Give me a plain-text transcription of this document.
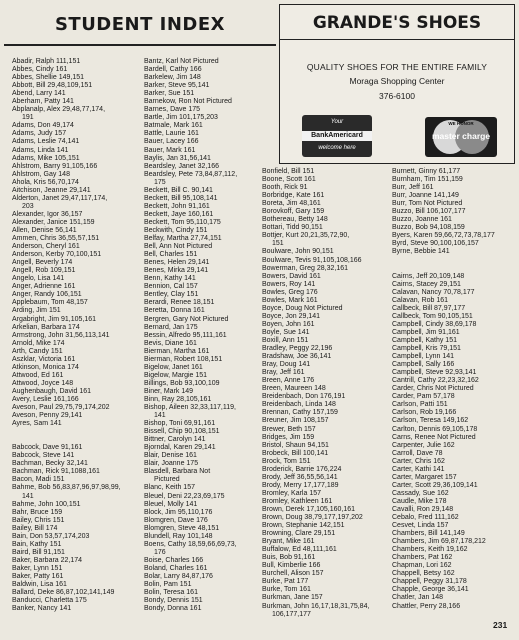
STUDENT INDEX	GRANDE'S SHOES
QUALITY SHOES FOR THE ENTIRE FAMILY
Moraga Shopping Center
376-6100
Your
BankAmericard
welcome here
WE HONOR
master charge
Abadir, Ralph 111,151
Abbes, Cindy 161
Abbes, Shellie 149,151
Abbott, Bill 29,48,109,151
Abend, Larry 141
Aberham, Patty 141
Abplanalp, Alex 29,48,77,174,
191
Adams, Don 49,174
Adams, Judy 157
Adams, Leslie 74,141
Adams, Linda 141
Adams, Mike 105,151
Ahlstrom, Barry 91,105,166
Ahlstrom, Gay 148
Ahola, Kris 56,70,174
Aitchison, Jeanne 29,141
Alderton, Janet 29,47,117,174,
203
Alexander, Igor 36,157
Alexander, Janice 151,159
Allen, Denise 56,141
Ammen, Chris 36,55,57,151
Anderson, Cheryl 161
Anderson, Kerby 70,100,151
Angell, Beverly 174
Angell, Rob 109,151
Angelo, Lisa 141
Anger, Adrienne 161
Anger, Randy 106,151
Applebaum, Tom 48,157
Arding, Jim 151
Argabright, Jim 91,105,161
Arkelian, Barbara 174
Armstrong, John 31,56,113,141
Arnold, Mike 174
Arth, Candy 151
Aszklar, Victoria 161
Atkinson, Monica 174
Attwood, Ed 161
Attwood, Joyce 148
Aughenbaugh, David 161
Avery, Leslie 161,166
Aveson, Paul 29,75,79,174,202
Aveson, Penny 29,141
Ayres, Sam 141
Babcock, Dave 91,161
Babcock, Steve 141
Bachman, Becky 32,141
Bachman, Rick 91,1088,161
Bacon, Madi 151
Bahme, Bob 56,83,87,96,97,98,99,
141
Bahme, John 100,151
Bahr, Bruce 159
Bailey, Chris 151
Bailey, Bill 174
Bain, Don 53,57,174,203
Bain, Kathy 151
Baird, Bill 91,151
Baker, Barbara 22,174
Baker, Lynn 151
Baker, Patty 161
Baldwin, Lisa 161
Ballard, Deke 86,87,102,141,149
Banducci, Charletta 175
Banker, Nancy 141
Bantz, Karl Not Pictured
Bardell, Cathy 166
Barkelew, Jim 148
Barker, Steve 95,141
Barker, Sue 151
Barnekow, Ron Not Pictured
Barnes, Dave 175
Bartle, Jim 101,175,203
Batmale, Mark 161
Battle, Laurie 161
Bauer, Lacey 166
Bauer, Mark 161
Baylis, Jan 31,56,141
Beardsley, Janet 32,166
Beardsley, Pete 73,84,87,112,
175
Beckett, Bill C. 90,141
Beckett, Bill 95,108,141
Beckett, John 91,161
Beckett, Jaye 160,161
Beckett, Tom 95,110,175
Beckwith, Cindy 151
Belfay, Martha 27,74,151
Bell, Ann Not Pictured
Bell, Charles 151
Benes, Helen 29,141
Benes, Mirka 29,141
Benn, Kathy 141
Bennion, Cal 157
Bentley, Clay 151
Berardi, Renee 18,151
Beretta, Donna 161
Bergren, Gary Not Pictured
Bernard, Jan 175
Bessin, Alfredo 95,111,161
Bevis, Diane 161
Bierman, Martha 161
Bierman, Robert 108,151
Bigelow, Janet 161
Bigelow, Margie 151
Billings, Bob 93,100,109
Biner, Mark 149
Binn, Ray 28,105,161
Bishop, Aileen 32,33,117,119,
141
Bishop, Toni 69,91,161
Bissell, Chip 90,108,151
Bittner, Carolyn 141
Bjorndal, Karen 29,141
Blair, Denise 161
Blair, Joanne 175
Blasdell, Barbara Not
Pictured
Blanc, Keith 157
Bleuel, Deni 22,23,69,175
Bleuel, Molly 141
Block, Jim 95,110,176
Blomgren, Dave 176
Blomgren, Steve 48,151
Blundell, Ray 101,148
Boens, Cathy 18,59,66,69,73,
176
Boise, Charles 166
Boland, Charles 161
Bolar, Larry 84,87,176
Bolin, Pam 151
Bolin, Teresa 161
Bondy, Dennis 151
Bondy, Donna 161
Bonfield, Bill 151
Boone, Scott 161
Booth, Rick 91
Borbridge, Kate 161
Boreta, Jim 48,161
Borovkoff, Gary 159
Bothereau, Betty 148
Bottari, Tidd 90,151
Bottjer, Kurt 20,21,35,72,90,
151
Boulware, John 90,151
Boulware, Tevis 91,105,108,166
Bowerman, Greg 28,32,161
Bowers, David 161
Bowers, Roy 141
Bowles, Greg 176
Bowles, Mark 161
Boyce, Doug Not Pictured
Boyce, Jon 29,141
Boyen, John 161
Boyle, Sue 141
Boxill, Ann 151
Bradley, Peggy 22,196
Bradshaw, Joe 36,141
Bray, Doug 141
Bray, Jeff 161
Breen, Anne 176
Breen, Maureen 148
Breidenbach, Don 176,191
Breidenbach, Linda 148
Brennan, Cathy 157,159
Breuner, Jim 108,157
Brewer, Beth 157
Bridges, Jim 159
Bristol, Shaun 94,151
Brobeck, Bill 100,141
Brock, Tom 151
Broderick, Barrie 176,224
Brody, Jeff 36,55,56,141
Brody, Merry 17,177,189
Bromley, Karla 157
Bromley, Kathleen 161
Brown, Derek 17,105,160,161
Brown, Doug 38,79,177,197,202
Brown, Stephanie 142,151
Browning, Clare 29,151
Bryant, Mike 161
Buffalow, Ed 48,111,161
Buis, Bob 91,161
Bull, Kimberlie 166
Burchell, Alison 157
Burke, Pat 177
Burke, Tom 161
Burkman, Jane 157
Burkman, John 16,17,18,31,75,84,
106,177,177
Burnett, Ginny 61,177
Burnham, Tim 151,159
Burr, Jeff 161
Burr, Joanne 141,149
Burr, Tom Not Pictured
Buzzo, Bill 106,107,177
Buzzo, Joanne 161
Buzzo, Bob 94,108,159
Byers, Karen 59,66,72,73,78,177
Byrd, Steve 90,100,106,157
Byrne, Bebbie 141
Cairns, Jeff 20,109,148
Cairns, Stacey 29,151
Calavan, Nancy 70,78,177
Calavan, Rob 161
Callbeck, Bill 87,97,177
Callbeck, Tom 90,105,151
Campbell, Cindy 38,69,178
Campbell, Jim 91,161
Campbell, Kathy 151
Campbell, Kris 79,151
Campbell, Lynn 141
Campbell, Sally 166
Campbell, Steve 92,93,141
Cantrill, Cathy 22,23,32,162
Carder, Chris Not Pictured
Carder, Pam 57,178
Carlson, Patti 151
Carlson, Rob 19,166
Carlson, Teresa 149,162
Carlton, Dennis 69,105,178
Carns, Renee Not Pictured
Carpenter, Julie 162
Carroll, Dave 78
Carter, Chris 162
Carter, Kathi 141
Carter, Margaret 157
Carter, Scott 29,36,109,141
Cassady, Sue 162
Caudle, Mike 178
Cavalli, Ron 29,148
Cebalo, Fred 111,162
Cesvet, Linda 157
Chambers, Bill 141,149
Chambers, Jim 69,87,178,212
Chambers, Keith 19,162
Chambers, Pat 162
Chapman, Lori 162
Chappell, Betsy 162
Chappell, Peggy 31,178
Chapple, George 36,141
Chatler, Jan 148
Chattler, Perry 28,166
231
